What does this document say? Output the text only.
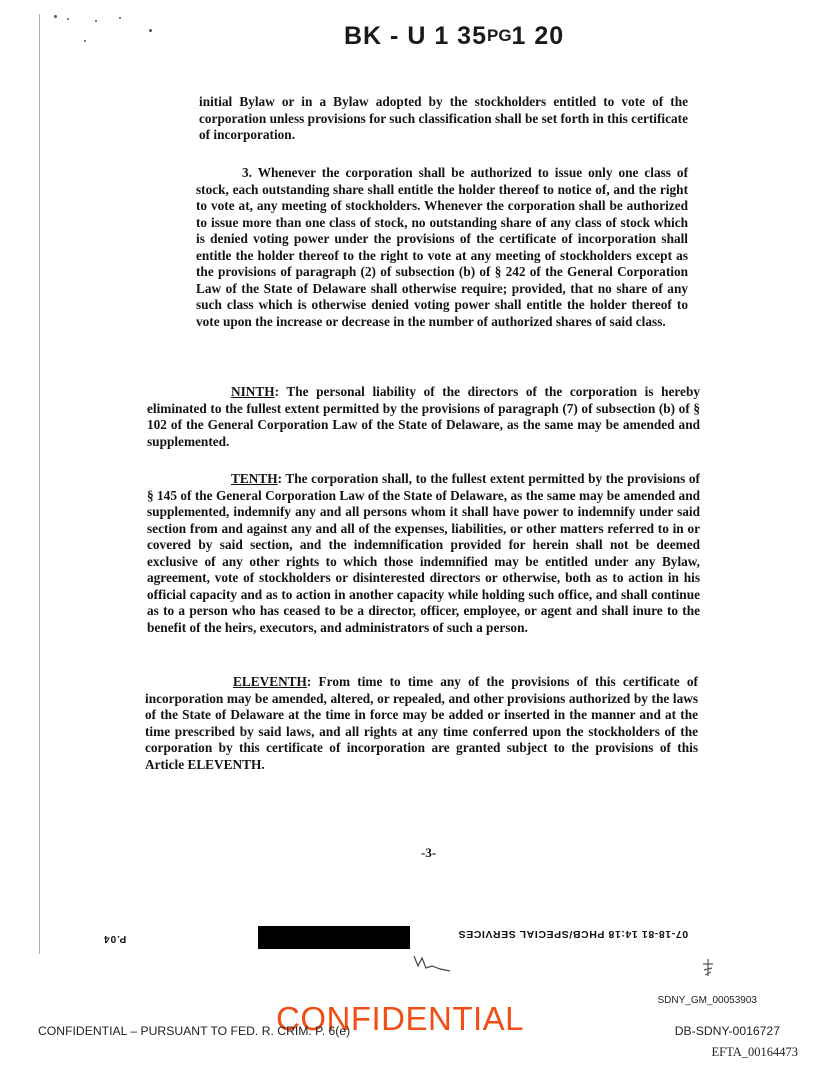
BK - U 1 35PG1 20

initial Bylaw or in a Bylaw adopted by the stockholders entitled to vote of the corporation unless provisions for such classification shall be set forth in this certificate of incorporation.

3. Whenever the corporation shall be authorized to issue only one class of stock, each outstanding share shall entitle the holder thereof to notice of, and the right to vote at, any meeting of stockholders. Whenever the corporation shall be authorized to issue more than one class of stock, no outstanding share of any class of stock which is denied voting power under the provisions of the certificate of incorporation shall entitle the holder thereof to the right to vote at any meeting of stockholders except as the provisions of paragraph (2) of subsection (b) of § 242 of the General Corporation Law of the State of Delaware shall otherwise require; provided, that no share of any such class which is otherwise denied voting power shall entitle the holder thereof to vote upon the increase or decrease in the number of authorized shares of said class.

NINTH: The personal liability of the directors of the corporation is hereby eliminated to the fullest extent permitted by the provisions of paragraph (7) of subsection (b) of § 102 of the General Corporation Law of the State of Delaware, as the same may be amended and supplemented.

TENTH: The corporation shall, to the fullest extent permitted by the provisions of § 145 of the General Corporation Law of the State of Delaware, as the same may be amended and supplemented, indemnify any and all persons whom it shall have power to indemnify under said section from and against any and all of the expenses, liabilities, or other matters referred to in or covered by said section, and the indemnification provided for herein shall not be deemed exclusive of any other rights to which those indemnified may be entitled under any Bylaw, agreement, vote of stockholders or disinterested directors or otherwise, both as to action in his official capacity and as to action in another capacity while holding such office, and shall continue as to a person who has ceased to be a director, officer, employee, or agent and shall inure to the benefit of the heirs, executors, and administrators of such a person.

ELEVENTH: From time to time any of the provisions of this certificate of incorporation may be amended, altered, or repealed, and other provisions authorized by the laws of the State of Delaware at the time in force may be added or inserted in the manner and at the time prescribed by said laws, and all rights at any time conferred upon the stockholders of the corporation by this certificate of incorporation are granted subject to the provisions of this Article ELEVENTH.

-3-
P.04	07-18-81 14:18 PHCB/SPECIAL SERVICES
SDNY_GM_00053903
CONFIDENTIAL
CONFIDENTIAL – PURSUANT TO FED. R. CRIM. P. 6(e)	DB-SDNY-0016727
EFTA_00164473
